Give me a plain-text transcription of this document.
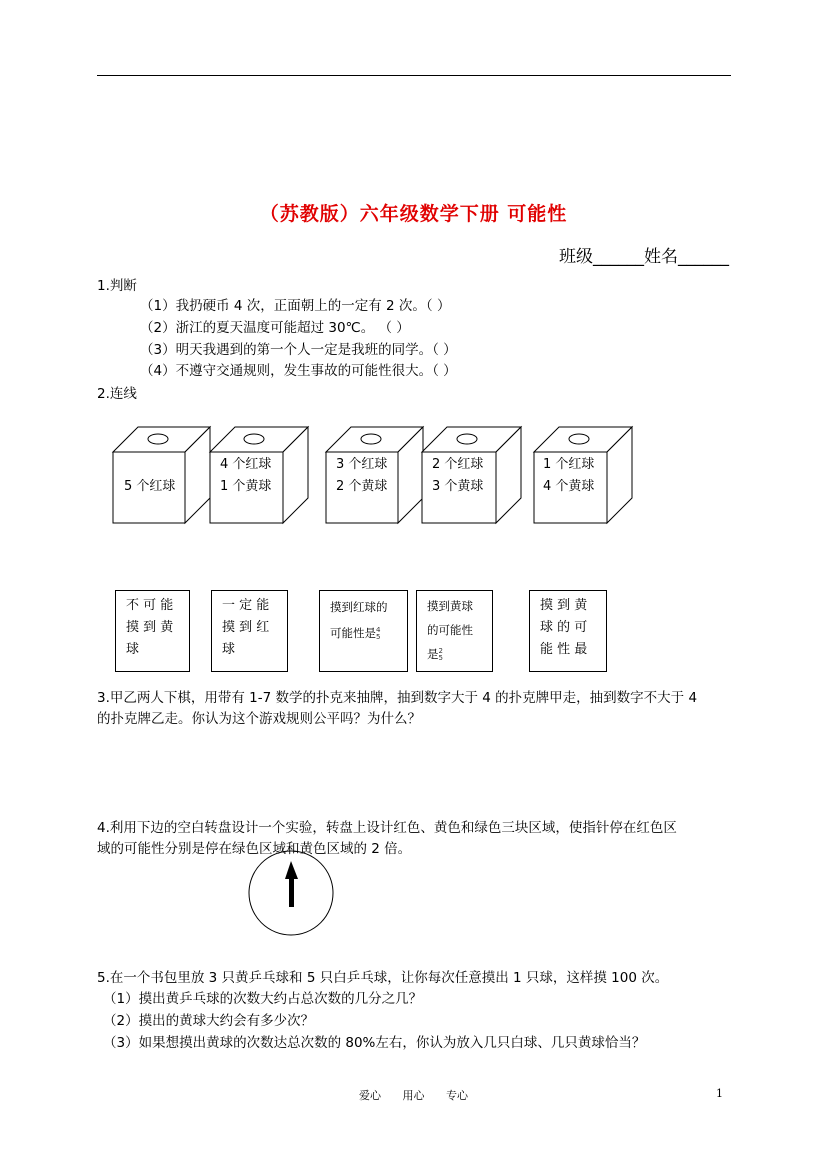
（苏教版）六年级数学下册 可能性
班级______姓名______
1.判断
（1）我扔硬币 4 次，正面朝上的一定有 2 次。（ ）
（2）浙江的夏天温度可能超过 30℃。 （ ）
（3）明天我遇到的第一个人一定是我班的同学。（ ）
（4）不遵守交通规则，发生事故的可能性很大。（ ）
2.连线
5 个红球
4 个红球
1 个黄球
3 个红球
2 个黄球
2 个红球
3 个黄球
1 个红球
4 个黄球
不 可 能
摸 到 黄
球
一 定 能
摸 到 红
球
摸到红球的
可能性是 4
5
摸到黄球
的可能性
是 2
5
摸 到 黄
球 的 可
能 性 最
3.甲乙两人下棋，用带有 1-7 数学的扑克来抽牌，抽到数字大于 4 的扑克牌甲走，抽到数字不大于 4
的扑克牌乙走。你认为这个游戏规则公平吗？为什么？
4.利用下边的空白转盘设计一个实验，转盘上设计红色、黄色和绿色三块区域，使指针停在红色区
域的可能性分别是停在绿色区域和黄色区域的 2 倍。
5.在一个书包里放 3 只黄乒乓球和 5 只白乒乓球，让你每次任意摸出 1 只球，这样摸 100 次。
（1）摸出黄乒乓球的次数大约占总次数的几分之几？
（2）摸出的黄球大约会有多少次？
（3）如果想摸出黄球的次数达总次数的 80%左右，你认为放入几只白球、几只黄球恰当？
爱心 用心 专心	1
